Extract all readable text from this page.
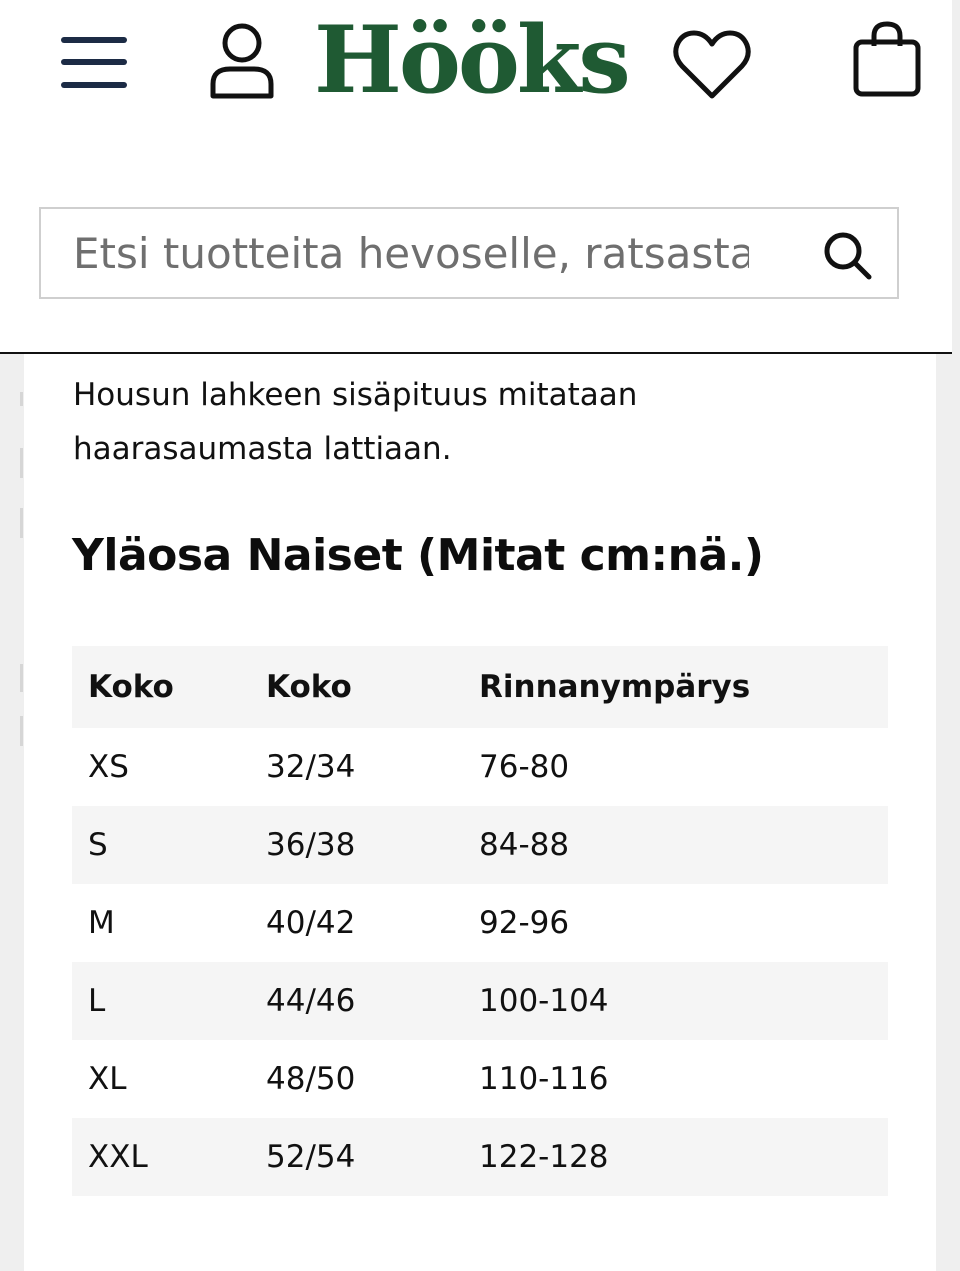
Hööks
Etsi tuotteita hevoselle, ratsastajalle

Housun lahkeen sisäpituus mitataan haarasaumasta lattiaan.

Yläosa Naiset (Mitat cm:nä.)
Koko	Koko	Rinnanympärys
XS	32/34	76-80
S	36/38	84-88
M	40/42	92-96
L	44/46	100-104
XL	48/50	110-116
XXL	52/54	122-128
